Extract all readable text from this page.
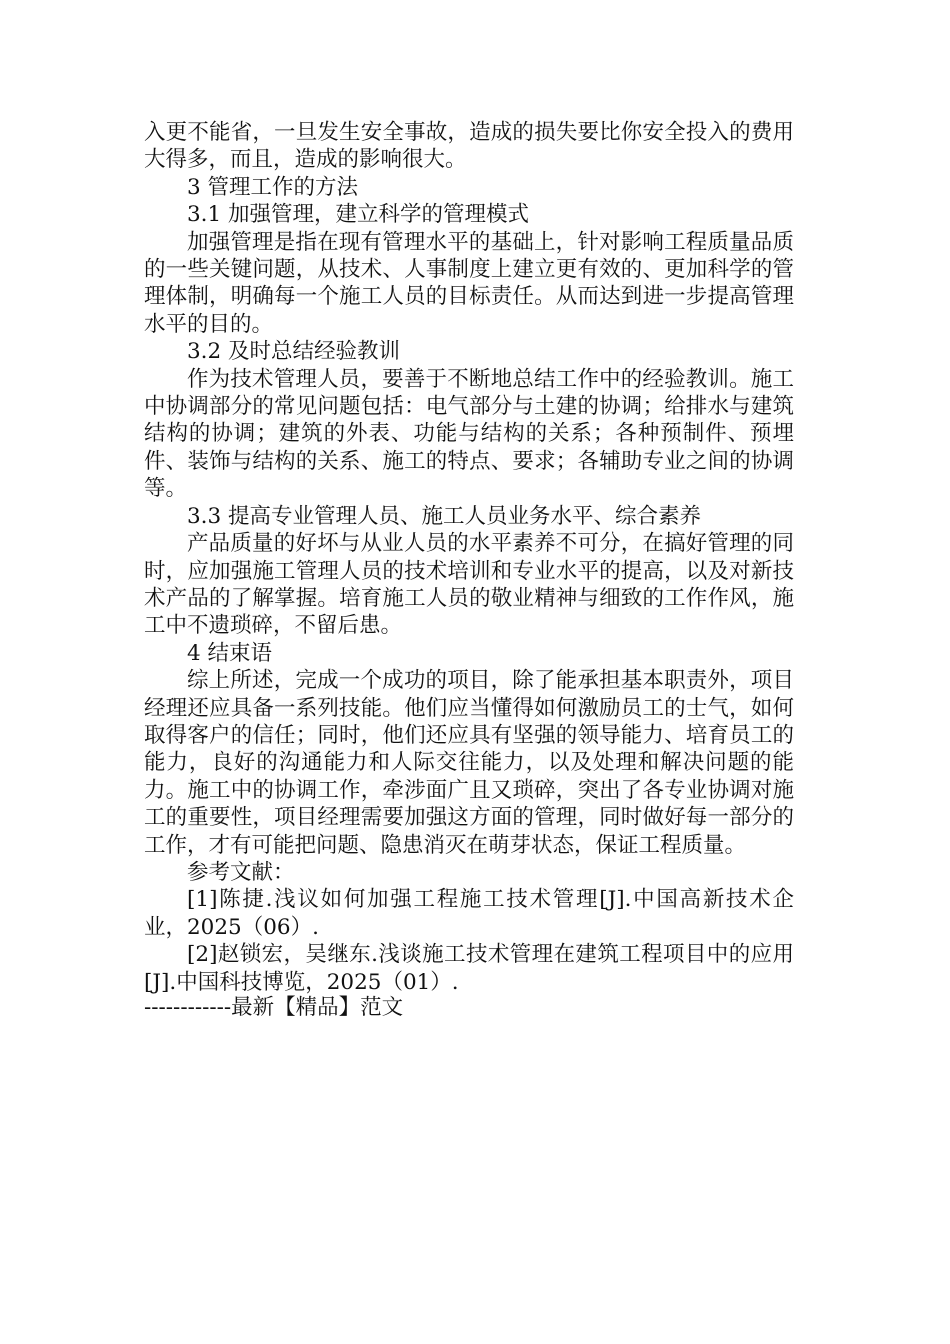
入更不能省，一旦发生安全事故，造成的损失要比你安全投入的费用大得多，而且，造成的影响很大。

3 管理工作的方法

3.1 加强管理，建立科学的管理模式

加强管理是指在现有管理水平的基础上，针对影响工程质量品质的一些关键问题，从技术、人事制度上建立更有效的、更加科学的管理体制，明确每一个施工人员的目标责任。从而达到进一步提高管理水平的目的。

3.2 及时总结经验教训

作为技术管理人员，要善于不断地总结工作中的经验教训。施工中协调部分的常见问题包括：电气部分与土建的协调；给排水与建筑结构的协调；建筑的外表、功能与结构的关系；各种预制件、预埋件、装饰与结构的关系、施工的特点、要求；各辅助专业之间的协调等。

3.3 提高专业管理人员、施工人员业务水平、综合素养

产品质量的好坏与从业人员的水平素养不可分，在搞好管理的同时，应加强施工管理人员的技术培训和专业水平的提高，以及对新技术产品的了解掌握。培育施工人员的敬业精神与细致的工作作风，施工中不遗琐碎，不留后患。

4 结束语

综上所述，完成一个成功的项目，除了能承担基本职责外，项目经理还应具备一系列技能。他们应当懂得如何激励员工的士气，如何取得客户的信任；同时，他们还应具有坚强的领导能力、培育员工的能力，良好的沟通能力和人际交往能力，以及处理和解决问题的能力。施工中的协调工作，牵涉面广且又琐碎，突出了各专业协调对施工的重要性，项目经理需要加强这方面的管理，同时做好每一部分的工作，才有可能把问题、隐患消灭在萌芽状态，保证工程质量。

参考文献：

[1]陈捷.浅议如何加强工程施工技术管理[J].中国高新技术企业，2025（06）.

[2]赵锁宏，吴继东.浅谈施工技术管理在建筑工程项目中的应用[J].中国科技博览，2025（01）.

------------最新【精品】范文
